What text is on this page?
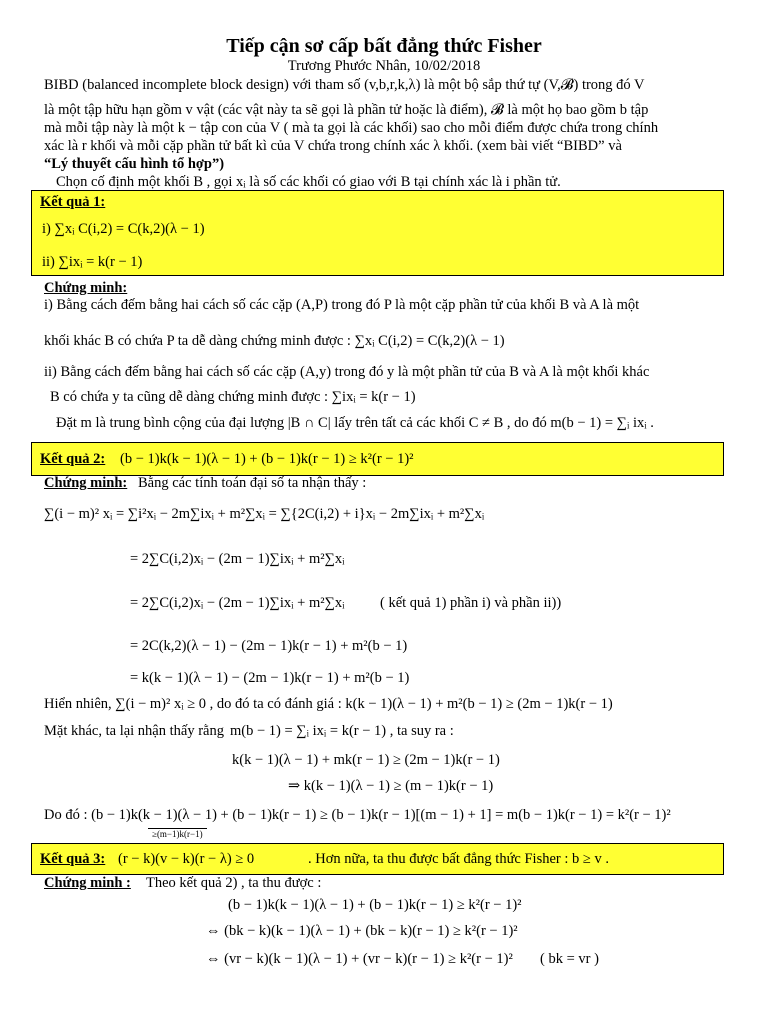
Tiếp cận sơ cấp bất đẳng thức Fisher
Trương Phước Nhân, 10/02/2018
BIBD (balanced incomplete block design) với tham số (v,b,r,k,λ) là một bộ sắp thứ tự (V,𝓑) trong đó V
là một tập hữu hạn gồm v vật (các vật này ta sẽ gọi là phần tử hoặc là điểm), 𝓑 là một họ bao gồm b tập
mà mỗi tập này là một k − tập con của V ( mà ta gọi là các khối) sao cho mỗi điểm được chứa trong chính
xác là r khối và mỗi cặp phần tử bất kì của V chứa trong chính xác λ khối. (xem bài viết “BIBD” và
“Lý thuyết cấu hình tổ hợp”)
Chọn cố định một khối B , gọi xᵢ là số các khối có giao với B tại chính xác là i phần tử.
Kết quả 1:
i) ∑xᵢ C(i,2) = C(k,2)(λ − 1)
ii) ∑ixᵢ = k(r − 1)
Chứng minh:
i) Bằng cách đếm bằng hai cách số các cặp (A,P) trong đó P là một cặp phần tử của khối B và A là một
khối khác B có chứa P ta dễ dàng chứng minh được : ∑xᵢ C(i,2) = C(k,2)(λ − 1)
ii) Bằng cách đếm bằng hai cách số các cặp (A,y) trong đó y là một phần tử của B và A là một khối khác
B có chứa y ta cũng dễ dàng chứng minh được : ∑ixᵢ = k(r − 1)
Đặt m là trung bình cộng của đại lượng |B ∩ C| lấy trên tất cả các khối C ≠ B , do đó m(b − 1) = ∑ᵢ ixᵢ .
Kết quả 2: (b − 1)k(k − 1)(λ − 1) + (b − 1)k(r − 1) ≥ k²(r − 1)²
Chứng minh: Bằng các tính toán đại số ta nhận thấy :
∑(i − m)² xᵢ = ∑i²xᵢ − 2m∑ixᵢ + m²∑xᵢ = ∑{2C(i,2) + i}xᵢ − 2m∑ixᵢ + m²∑xᵢ
= 2∑C(i,2)xᵢ − (2m − 1)∑ixᵢ + m²∑xᵢ
= 2∑C(i,2)xᵢ − (2m − 1)∑ixᵢ + m²∑xᵢ ( kết quả 1) phần i) và phần ii))
= 2C(k,2)(λ − 1) − (2m − 1)k(r − 1) + m²(b − 1)
= k(k − 1)(λ − 1) − (2m − 1)k(r − 1) + m²(b − 1)
Hiển nhiên, ∑(i − m)² xᵢ ≥ 0 , do đó ta có đánh giá : k(k − 1)(λ − 1) + m²(b − 1) ≥ (2m − 1)k(r − 1)
Mặt khác, ta lại nhận thấy rằng m(b − 1) = ∑ᵢ ixᵢ = k(r − 1) , ta suy ra :
k(k − 1)(λ − 1) + mk(r − 1) ≥ (2m − 1)k(r − 1)
⇒ k(k − 1)(λ − 1) ≥ (m − 1)k(r − 1)
Do đó : (b − 1)k(k − 1)(λ − 1) + (b − 1)k(r − 1) ≥ (b − 1)k(r − 1)[(m − 1) + 1] = m(b − 1)k(r − 1) = k²(r − 1)²
≥(m−1)k(r−1)
Kết quả 3: (r − k)(v − k)(r − λ) ≥ 0	. Hơn nữa, ta thu được bất đẳng thức Fisher : b ≥ v .
Chứng minh : Theo kết quả 2) , ta thu được :
(b − 1)k(k − 1)(λ − 1) + (b − 1)k(r − 1) ≥ k²(r − 1)²
⇔ (bk − k)(k − 1)(λ − 1) + (bk − k)(r − 1) ≥ k²(r − 1)²
⇔ (vr − k)(k − 1)(λ − 1) + (vr − k)(r − 1) ≥ k²(r − 1)² ( bk = vr )
